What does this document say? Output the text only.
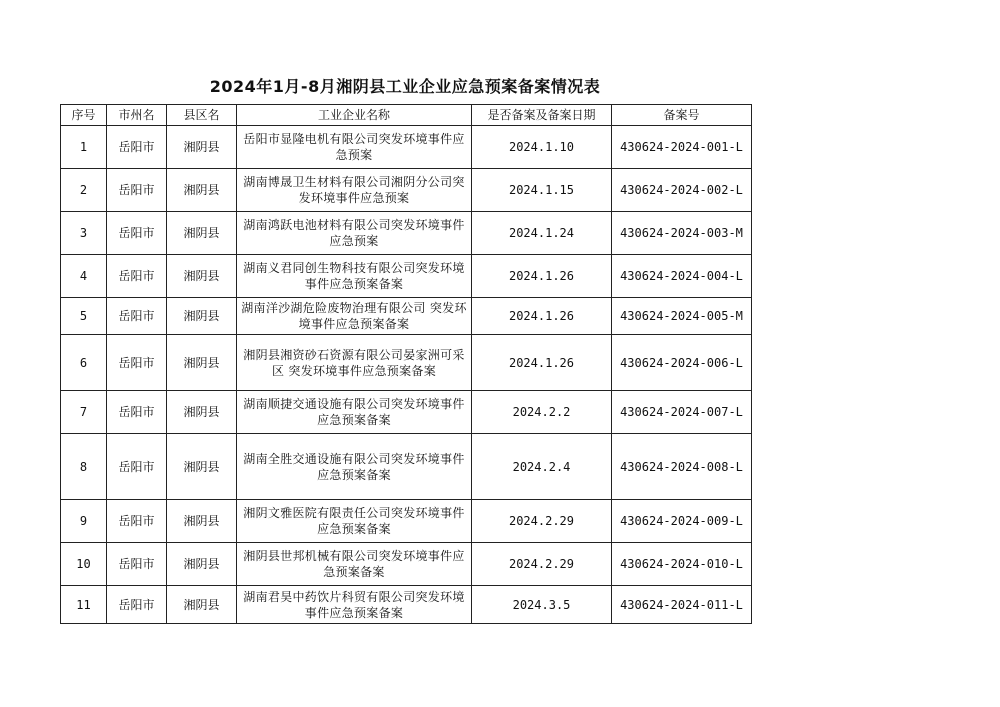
2024年1月-8月湘阴县工业企业应急预案备案情况表
序号	市州名	县区名	工业企业名称	是否备案及备案日期	备案号
1	岳阳市	湘阴县	岳阳市显隆电机有限公司突发环境事件应急预案	2024.1.10	430624-2024-001-L
2	岳阳市	湘阴县	湖南博晟卫生材料有限公司湘阴分公司突发环境事件应急预案	2024.1.15	430624-2024-002-L
3	岳阳市	湘阴县	湖南鸿跃电池材料有限公司突发环境事件应急预案	2024.1.24	430624-2024-003-M
4	岳阳市	湘阴县	湖南义君同创生物科技有限公司突发环境事件应急预案备案	2024.1.26	430624-2024-004-L
5	岳阳市	湘阴县	湖南洋沙湖危险废物治理有限公司 突发环境事件应急预案备案	2024.1.26	430624-2024-005-M
6	岳阳市	湘阴县	湘阴县湘资砂石资源有限公司晏家洲可采区 突发环境事件应急预案备案	2024.1.26	430624-2024-006-L
7	岳阳市	湘阴县	湖南顺捷交通设施有限公司突发环境事件应急预案备案	2024.2.2	430624-2024-007-L
8	岳阳市	湘阴县	湖南全胜交通设施有限公司突发环境事件应急预案备案	2024.2.4	430624-2024-008-L
9	岳阳市	湘阴县	湘阴文雅医院有限责任公司突发环境事件应急预案备案	2024.2.29	430624-2024-009-L
10	岳阳市	湘阴县	湘阴县世邦机械有限公司突发环境事件应急预案备案	2024.2.29	430624-2024-010-L
11	岳阳市	湘阴县	湖南君昊中药饮片科贸有限公司突发环境事件应急预案备案	2024.3.5	430624-2024-011-L
